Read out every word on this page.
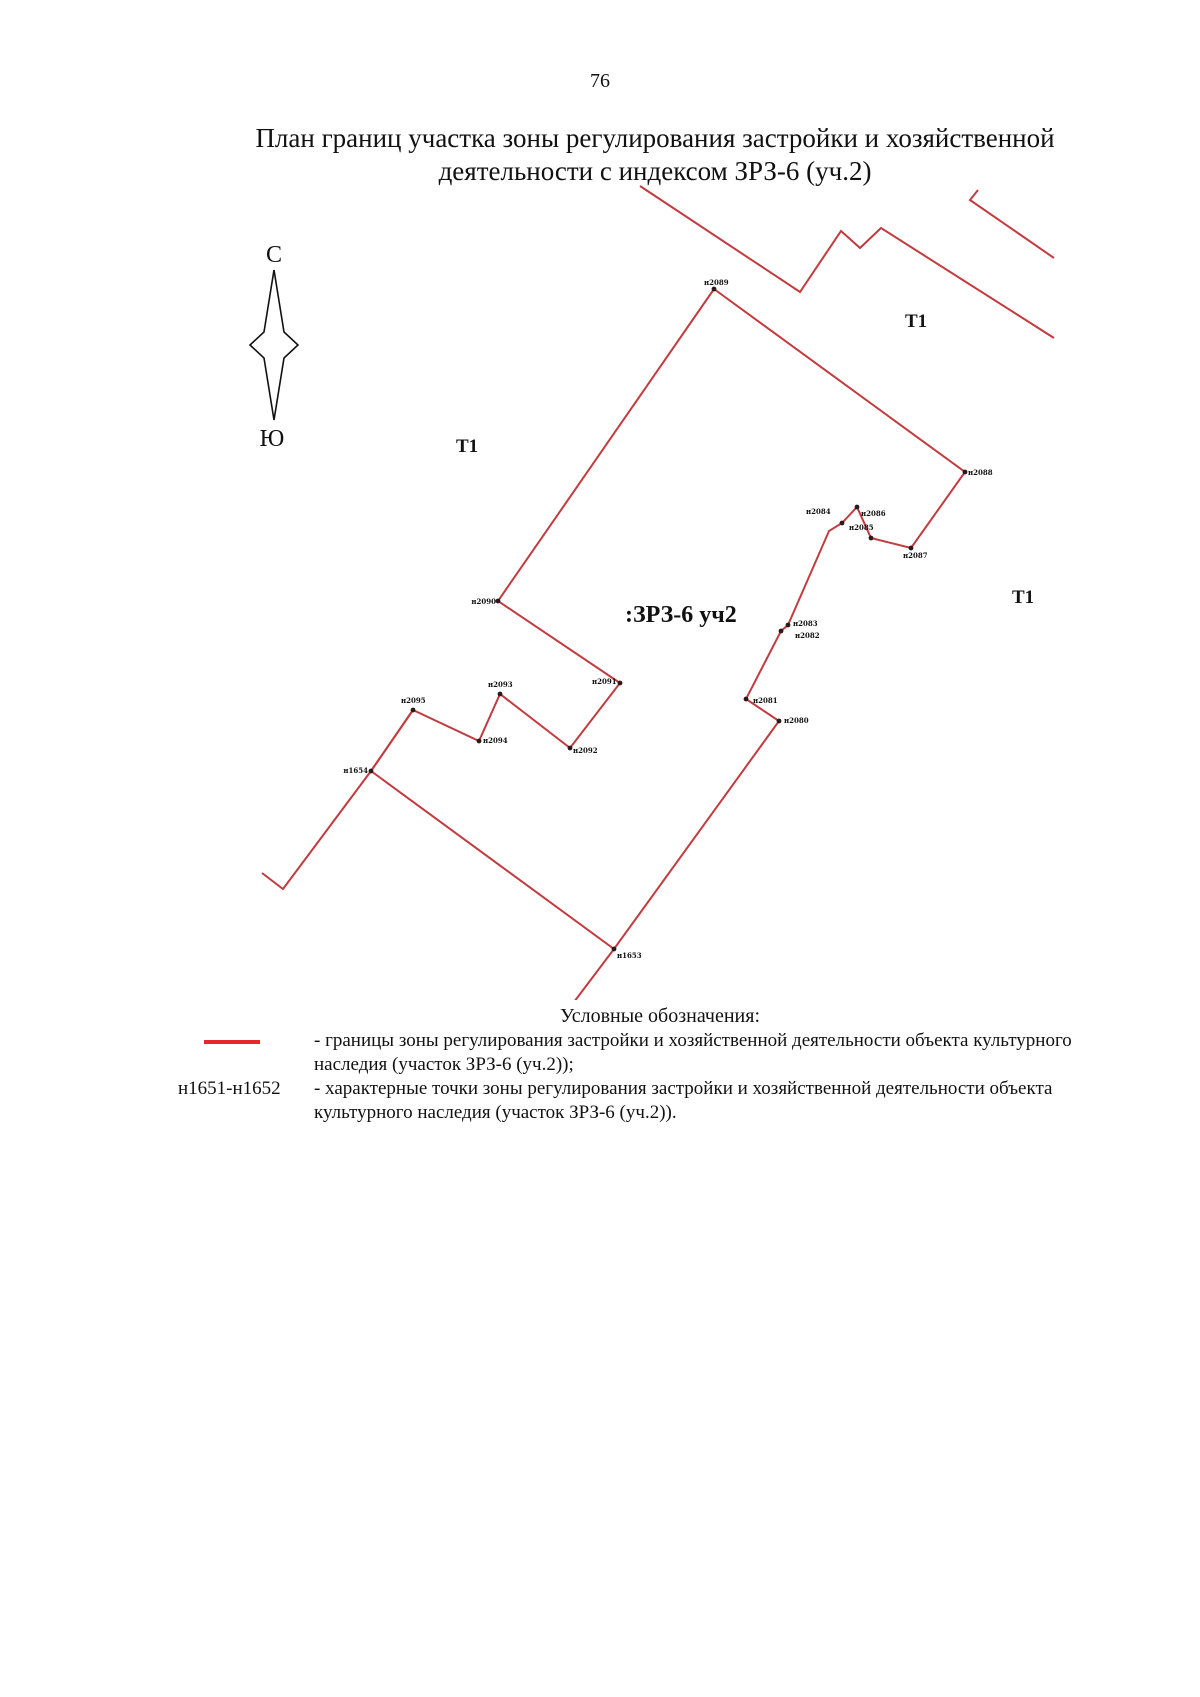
76
План границ участка зоны регулирования застройки и хозяйственной
деятельности с индексом ЗРЗ-6 (уч.2)
С
Ю
н2089
н2088
н2087
н2086
н2085
н2084
н2083
н2082
н2081
н2080
н1653
н1654
н2095
н2094
н2093
н2092
н2091
н2090
Т1
Т1
Т1
:ЗРЗ-6 уч2
Условные обозначения:
- границы зоны регулирования застройки и хозяйственной деятельности объекта культурного наследия (участок ЗРЗ-6 (уч.2));
н1651-н1652 - характерные точки зоны регулирования застройки и хозяйственной деятельности объекта культурного наследия (участок ЗРЗ-6 (уч.2)).
